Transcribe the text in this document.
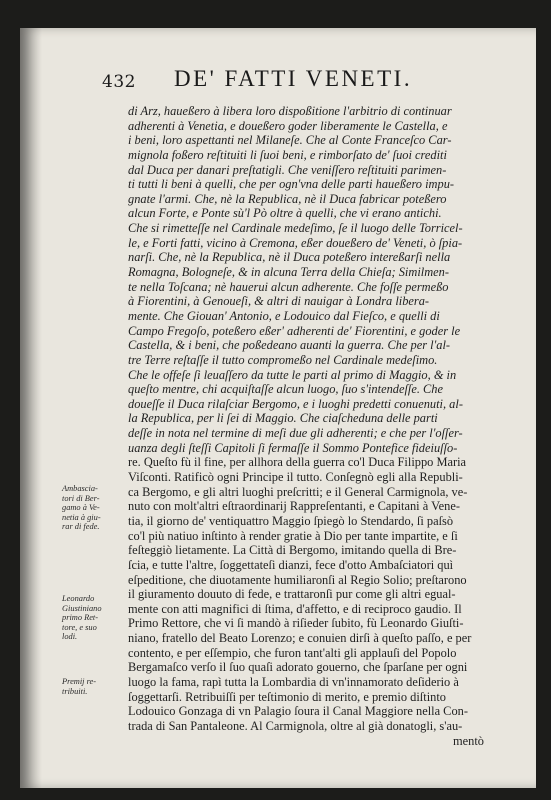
432 DE' FATTI VENETI.
Ambascia-
tori di Ber-
gamo à Ve-
netia à giu-
rar di fede.
Leonardo
Giustiniano
primo Ret-
tore, e suo
lodi.
Premij re-
tribuiti.
di Arz, haueßero à libera loro dispoßitione l'arbitrio di continuar
adherenti à Venetia, e doueßero goder liberamente le Castella, e
i beni, loro aspettanti nel Milaneſe. Che al Conte Franceſco Car-
mignola foßero reſtituiti li ſuoi beni, e rimborſato de' ſuoi crediti
dal Duca per danari preſtatigli. Che veniſſero reſtituiti parimen-
ti tutti li beni à quelli, che per ogn'vna delle parti haueßero impu-
gnate l'armi. Che, nè la Republica, nè il Duca fabricar poteßero
alcun Forte, e Ponte sù'l Pò oltre à quelli, che vi erano antichi.
Che si rimetteſſe nel Cardinale medeſimo, ſe il luogo delle Torricel-
le, e Forti fatti, vicino à Cremona, eßer doueßero de' Veneti, ò ſpia-
narſi. Che, nè la Republica, nè il Duca poteßero intereßarſi nella
Romagna, Bologneſe, & in alcuna Terra della Chieſa; Similmen-
te nella Toſcana; nè hauerui alcun adherente. Che foſſe permeßo
à Fiorentini, à Genoueſi, & altri di nauigar à Londra libera-
mente. Che Giouan' Antonio, e Lodouico dal Fieſco, e quelli di
Campo Fregoſo, poteßero eßer' adherenti de' Fiorentini, e goder le
Castella, & i beni, che poßedeano auanti la guerra. Che per l'al-
tre Terre reſtaſſe il tutto compromeßo nel Cardinale medeſimo.
Che le offeſe ſi leuaſſero da tutte le parti al primo di Maggio, & in
queſto mentre, chi acquiſtaſſe alcun luogo, ſuo s'intendeſſe. Che
doueſſe il Duca rilaſciar Bergomo, e i luoghi predetti conuenuti, al-
la Republica, per li ſei di Maggio. Che ciaſcheduna delle parti
deſſe in nota nel termine di meſi due gli adherenti; e che per l'oſſer-
uanza degli ſteſſi Capitoli ſi fermaſſe il Sommo Pontefice fideiuſſo-
re. Queſto fù il fine, per allhora della guerra co'l Duca Filippo Maria
Viſconti. Ratificò ogni Principe il tutto. Conſegnò egli alla Republi-
ca Bergomo, e gli altri luoghi preſcritti; e il General Carmignola, ve-
nuto con molt'altri eſtraordinarij Rappreſentanti, e Capitani à Vene-
tia, il giorno de' ventiquattro Maggio ſpiegò lo Stendardo, ſi paſsò
co'l più natiuo inſtinto à render gratie à Dio per tante impartite, e ſi
feſteggiò lietamente. La Città di Bergomo, imitando quella di Bre-
ſcia, e tutte l'altre, ſoggettateſi dianzi, fece d'otto Ambaſciatori quì
eſpeditione, che diuotamente humiliaronſi al Regio Solio; preſtarono
il giuramento douuto di fede, e trattaronſi pur come gli altri egual-
mente con atti magnifici di ſtima, d'affetto, e di reciproco gaudio. Il
Primo Rettore, che vi ſi mandò à riſieder ſubito, fù Leonardo Giuſti-
niano, fratello del Beato Lorenzo; e conuien dirſi à queſto paſſo, e per
contento, e per eſſempio, che furon tant'alti gli applauſi del Popolo
Bergamaſco verſo il ſuo quaſi adorato gouerno, che ſparſane per ogni
luogo la fama, rapì tutta la Lombardia di vn'innamorato deſiderio à
ſoggettarſi. Retribuiſſi per teſtimonio di merito, e premio diſtinto
Lodouico Gonzaga di vn Palagio ſoura il Canal Maggiore nella Con-
trada di San Pantaleone. Al Carmignola, oltre al già donatogli, s'au-
mentò
